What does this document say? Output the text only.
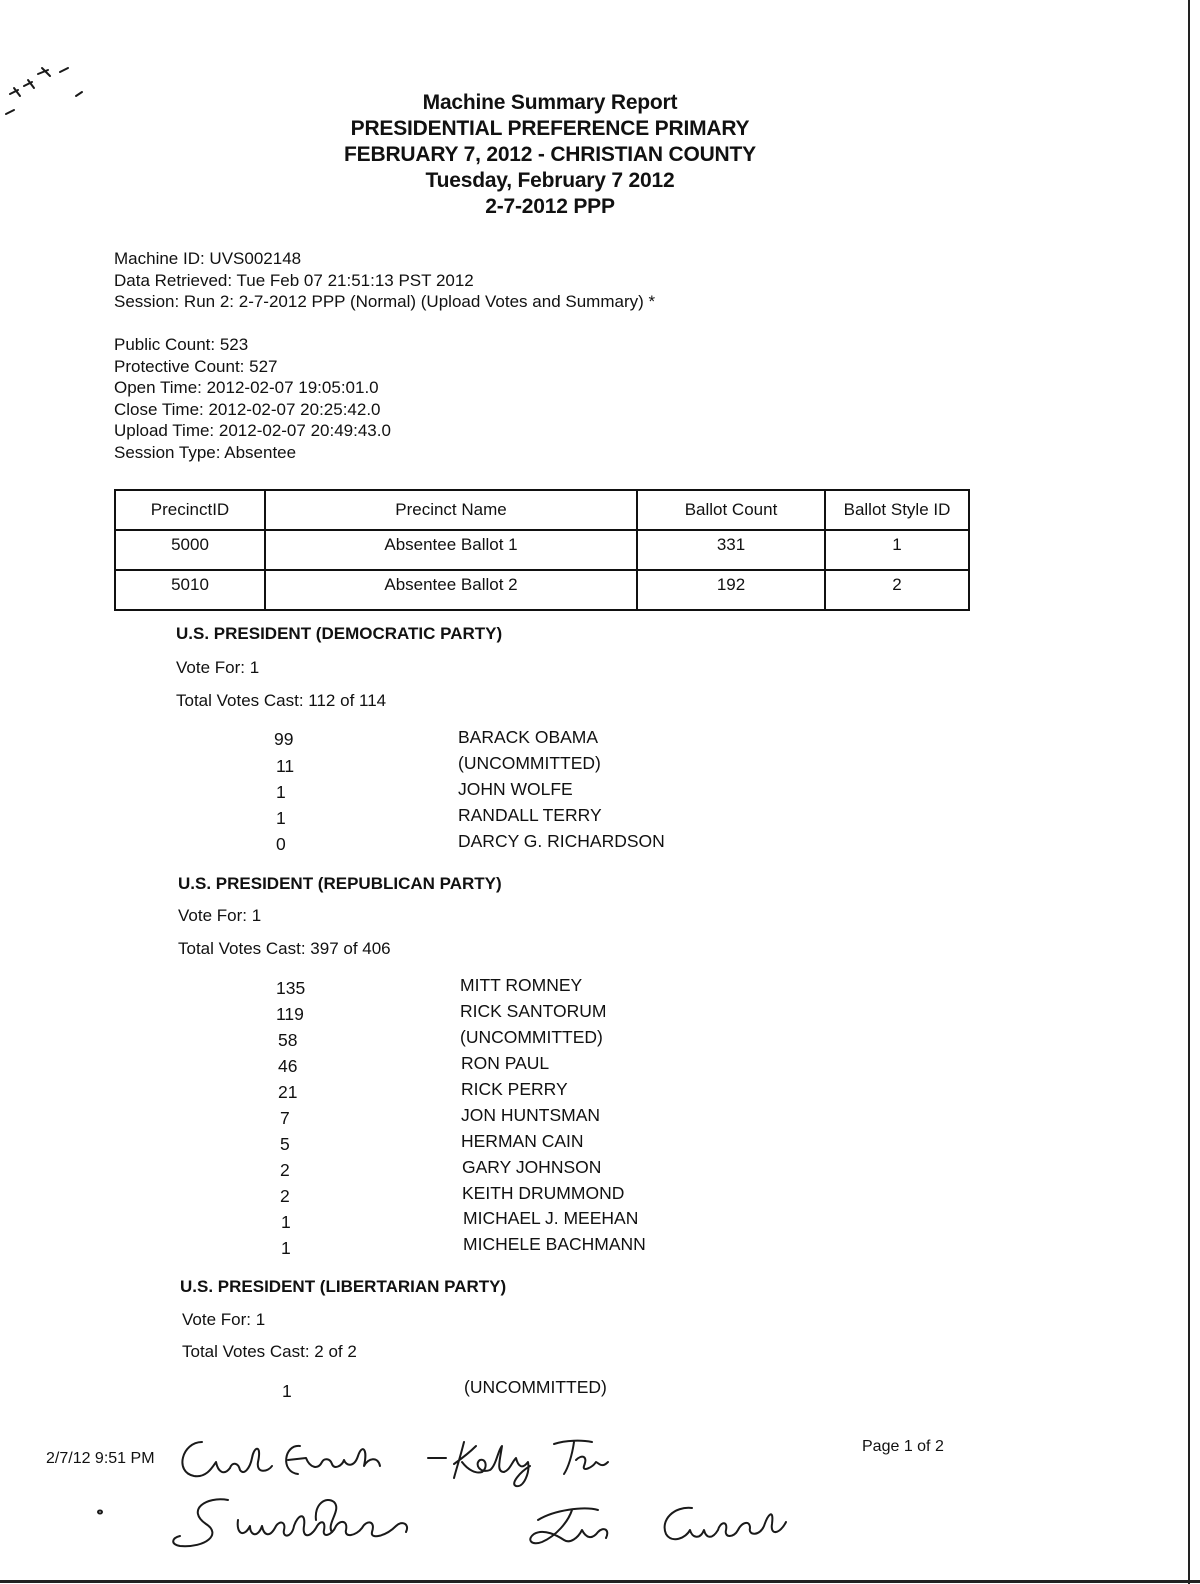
Machine Summary Report
PRESIDENTIAL PREFERENCE PRIMARY
FEBRUARY 7, 2012 - CHRISTIAN COUNTY
Tuesday, February 7 2012
2-7-2012 PPP
Machine ID: UVS002148
Data Retrieved: Tue Feb 07 21:51:13 PST 2012
Session: Run 2: 2-7-2012 PPP (Normal) (Upload Votes and Summary) *
Public Count: 523
Protective Count: 527
Open Time: 2012-02-07 19:05:01.0
Close Time: 2012-02-07 20:25:42.0
Upload Time: 2012-02-07 20:49:43.0
Session Type: Absentee
PrecinctID	Precinct Name	Ballot Count	Ballot Style ID
5000	Absentee Ballot 1	331	1
5010	Absentee Ballot 2	192	2
U.S. PRESIDENT (DEMOCRATIC PARTY)
Vote For: 1
Total Votes Cast: 112 of 114
99	BARACK OBAMA
11	(UNCOMMITTED)
1	JOHN WOLFE
1	RANDALL TERRY
0	DARCY G. RICHARDSON
U.S. PRESIDENT (REPUBLICAN PARTY)
Vote For: 1
Total Votes Cast: 397 of 406
135	MITT ROMNEY
119	RICK SANTORUM
58	(UNCOMMITTED)
46	RON PAUL
21	RICK PERRY
7	JON HUNTSMAN
5	HERMAN CAIN
2	GARY JOHNSON
2	KEITH DRUMMOND
1	MICHAEL J. MEEHAN
1	MICHELE BACHMANN
U.S. PRESIDENT (LIBERTARIAN PARTY)
Vote For: 1
Total Votes Cast: 2 of 2
1	(UNCOMMITTED)
2/7/12 9:51 PM
Page 1 of 2
